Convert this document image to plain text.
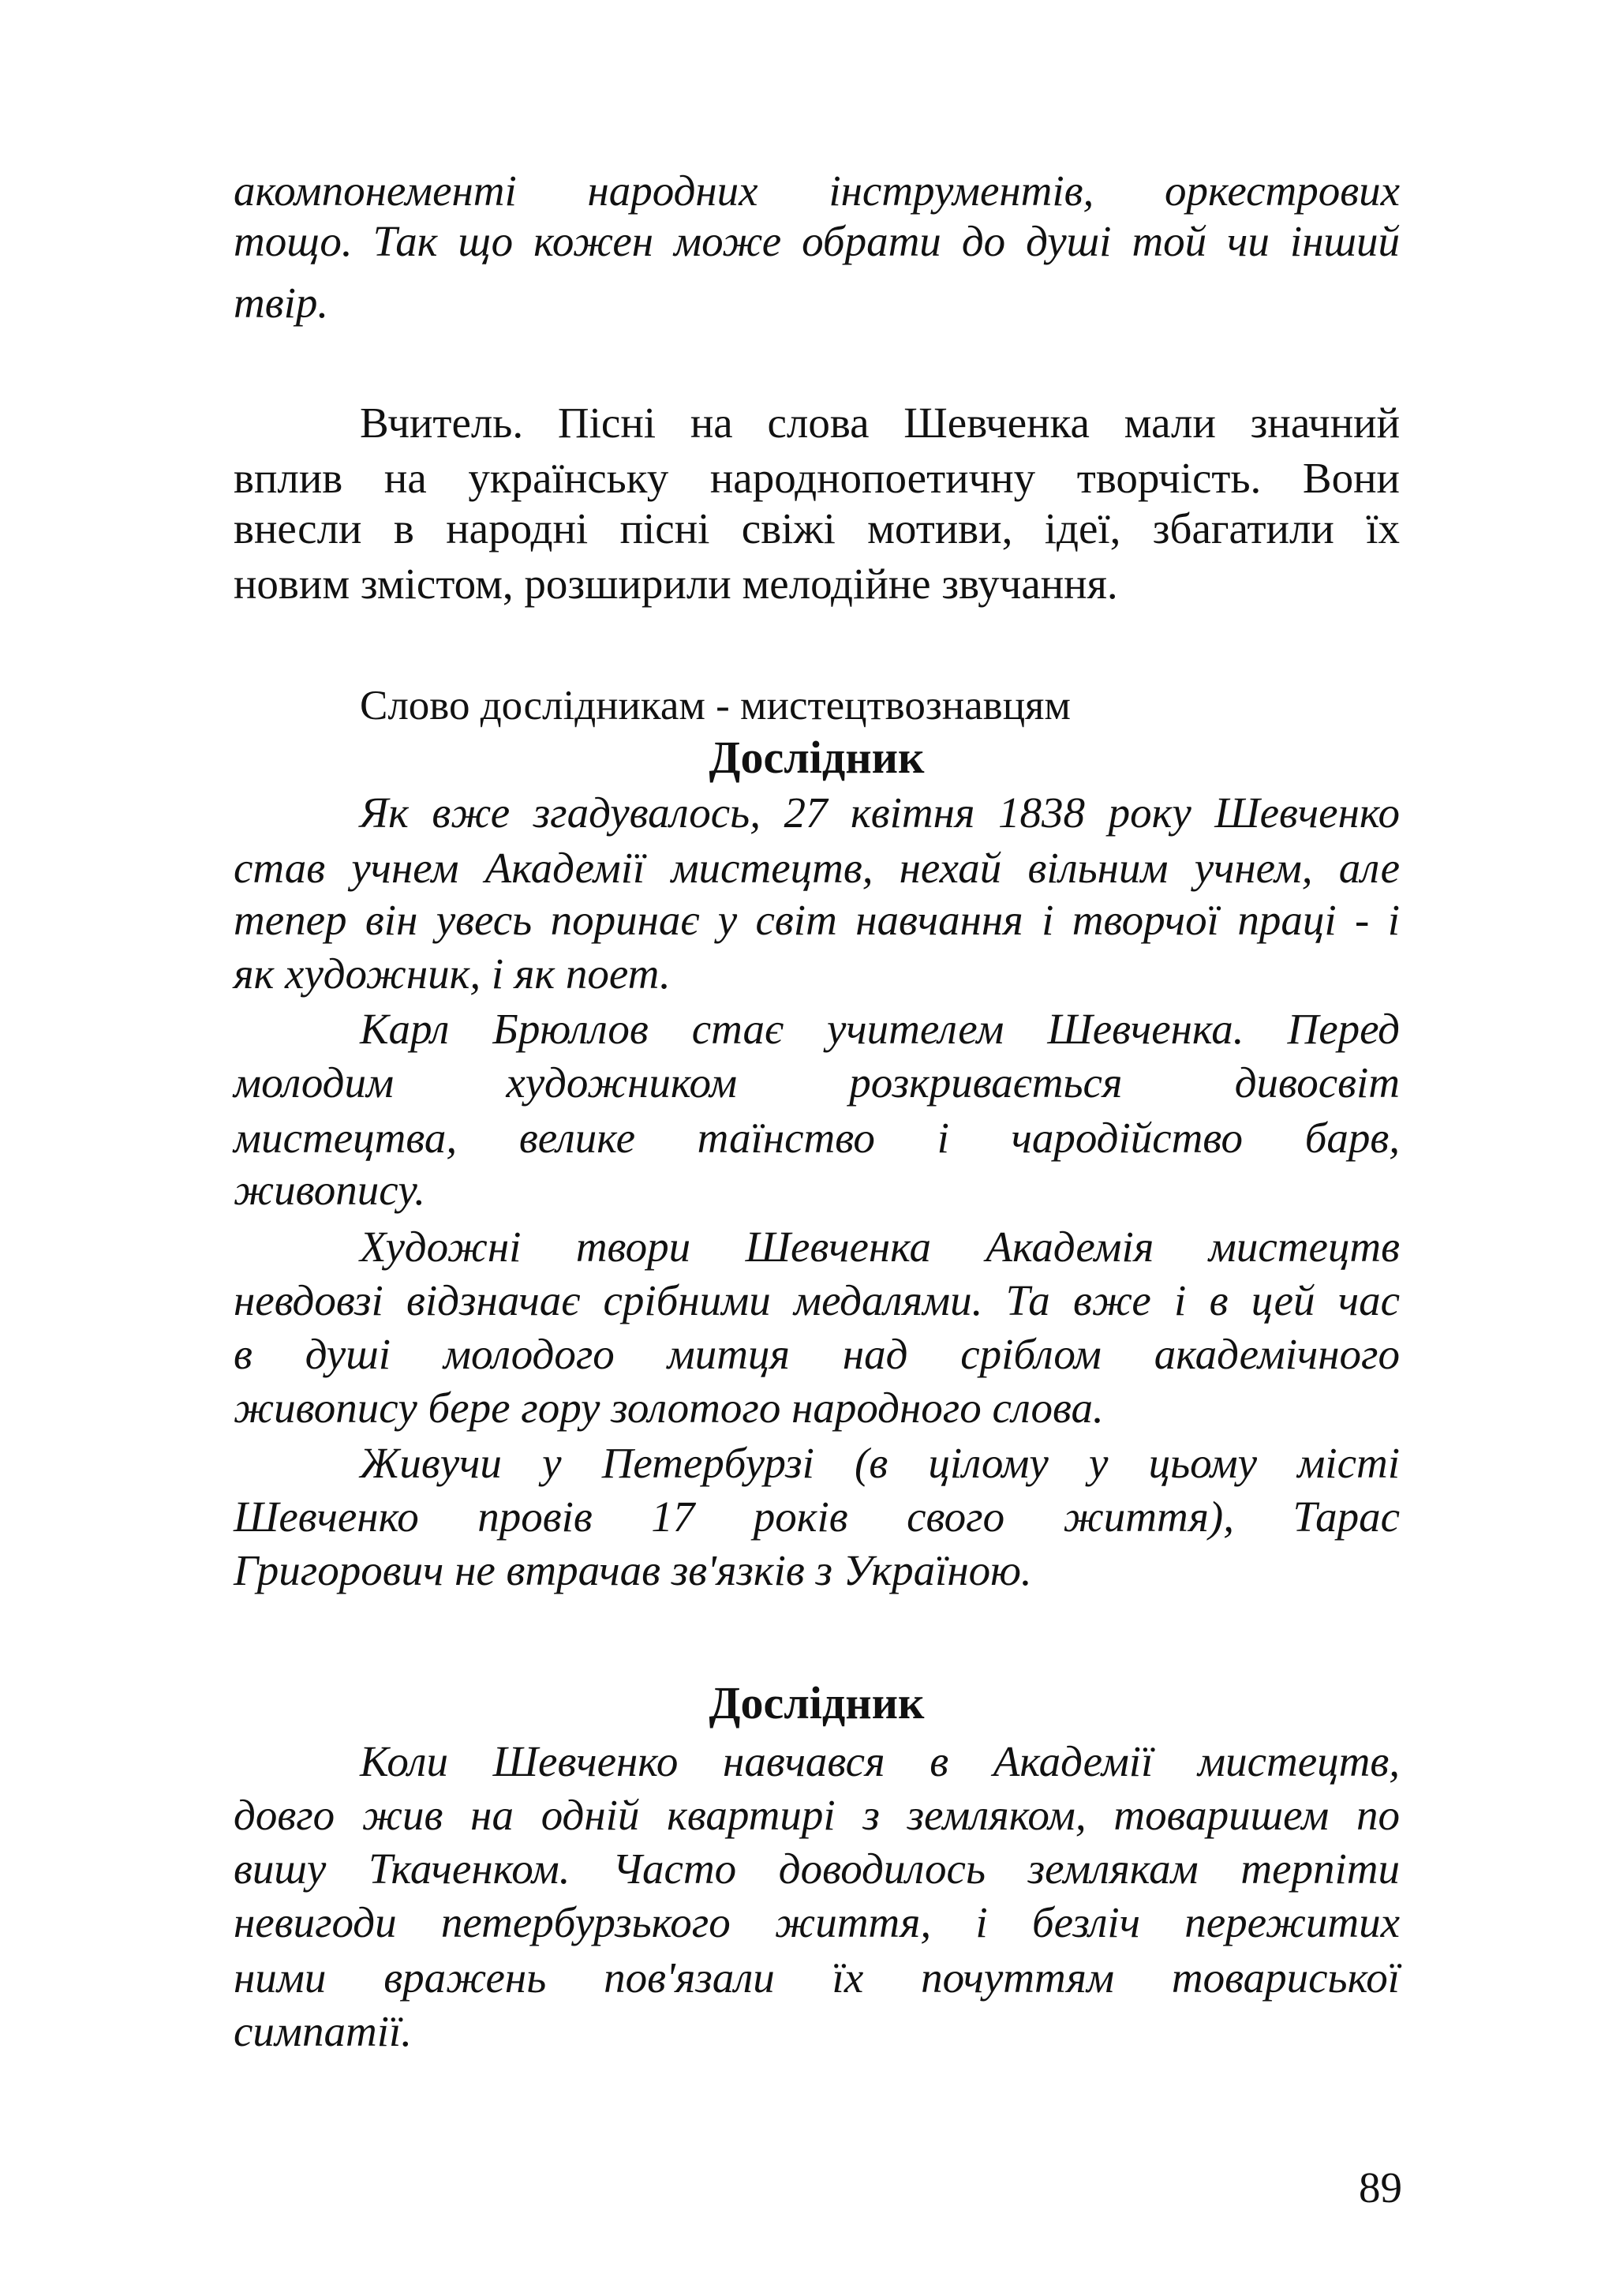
акомпонементі народних інструментів, оркестрових
тощо. Так що кожен може обрати до душі той чи інший
твір.
Вчитель. Пісні на слова Шевченка мали значний
вплив на українську народнопоетичну творчість. Вони
внесли в народні пісні свіжі мотиви, ідеї, збагатили їх
новим змістом, розширили мелодійне звучання.
Слово дослідникам - мистецтвознавцям
Дослідник
Як вже згадувалось, 27 квітня 1838 року Шевченко
став учнем Академії мистецтв, нехай вільним учнем, але
тепер він увесь поринає у світ навчання і творчої праці - і
як художник, і як поет.
Карл Брюллов стає учителем Шевченка. Перед
молодим художником розкривається дивосвіт
мистецтва, велике таїнство і чародійство барв,
живопису.
Художні твори Шевченка Академія мистецтв
невдовзі відзначає срібними медалями. Та вже і в цей час
в душі молодого митця над сріблом академічного
живопису бере гору золотого народного слова.
Живучи у Петербурзі (в цілому у цьому місті
Шевченко провів 17 років свого життя), Тарас
Григорович не втрачав зв'язків з Україною.
Дослідник
Коли Шевченко навчався в Академії мистецтв,
довго жив на одній квартирі з земляком, товаришем по
вишу Ткаченком. Часто доводилось землякам терпіти
невигоди петербурзького життя, і безліч пережитих
ними вражень пов'язали їх почуттям товариської
симпатії.
89
